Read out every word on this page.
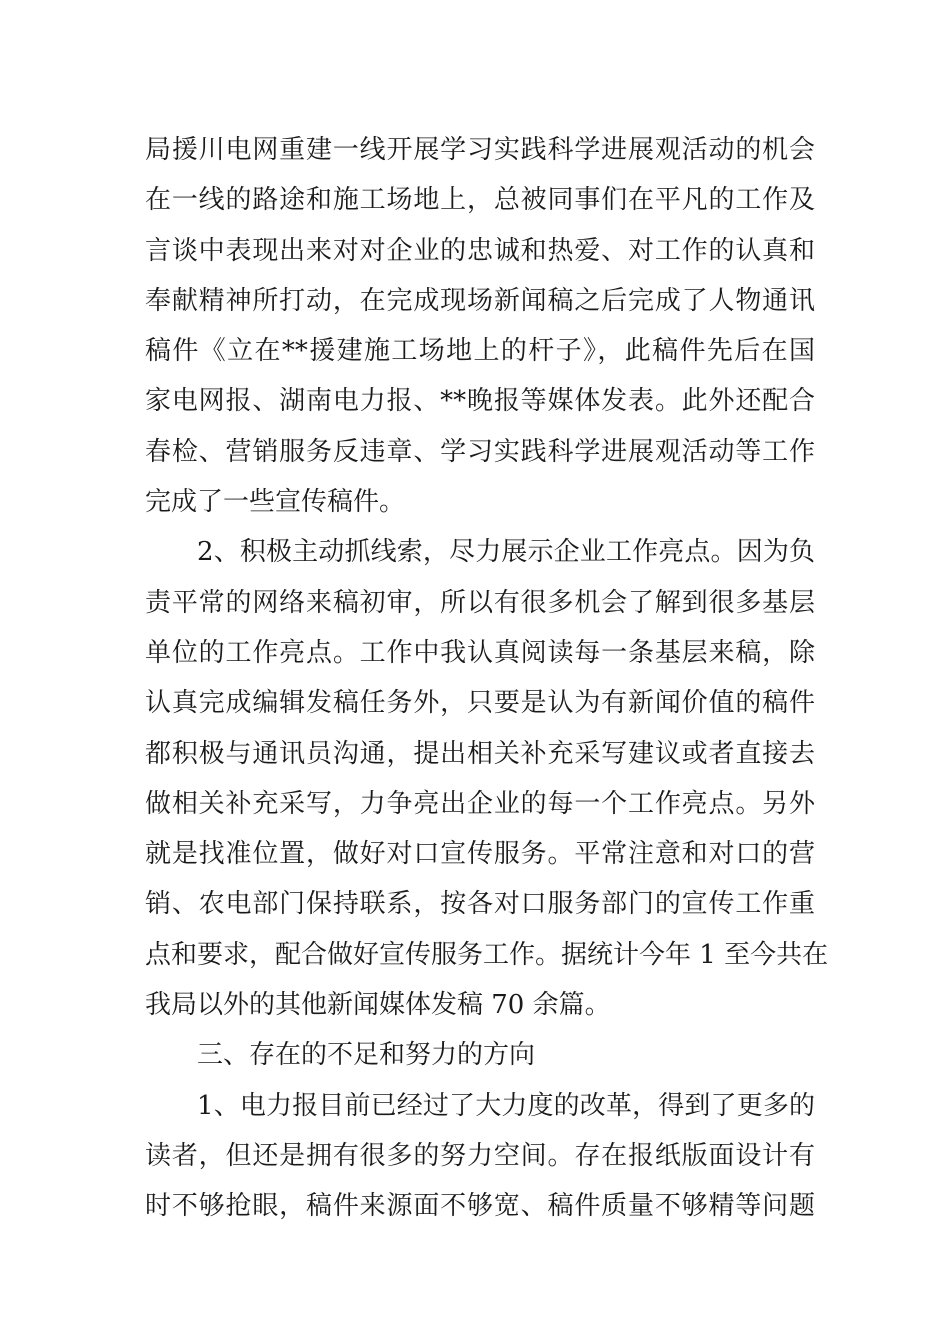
局援川电网重建一线开展学习实践科学进展观活动的机会
在一线的路途和施工场地上，总被同事们在平凡的工作及
言谈中表现出来对对企业的忠诚和热爱、对工作的认真和
奉献精神所打动，在完成现场新闻稿之后完成了人物通讯
稿件《立在**援建施工场地上的杆子》，此稿件先后在国
家电网报、湖南电力报、**晚报等媒体发表。此外还配合
春检、营销服务反违章、学习实践科学进展观活动等工作
完成了一些宣传稿件。
2、积极主动抓线索，尽力展示企业工作亮点。因为负
责平常的网络来稿初审，所以有很多机会了解到很多基层
单位的工作亮点。工作中我认真阅读每一条基层来稿，除
认真完成编辑发稿任务外，只要是认为有新闻价值的稿件
都积极与通讯员沟通，提出相关补充采写建议或者直接去
做相关补充采写，力争亮出企业的每一个工作亮点。另外
就是找准位置，做好对口宣传服务。平常注意和对口的营
销、农电部门保持联系，按各对口服务部门的宣传工作重
点和要求，配合做好宣传服务工作。据统计今年 1 至今共在
我局以外的其他新闻媒体发稿 70 余篇。
三、存在的不足和努力的方向
1、电力报目前已经过了大力度的改革，得到了更多的
读者，但还是拥有很多的努力空间。存在报纸版面设计有
时不够抢眼，稿件来源面不够宽、稿件质量不够精等问题
